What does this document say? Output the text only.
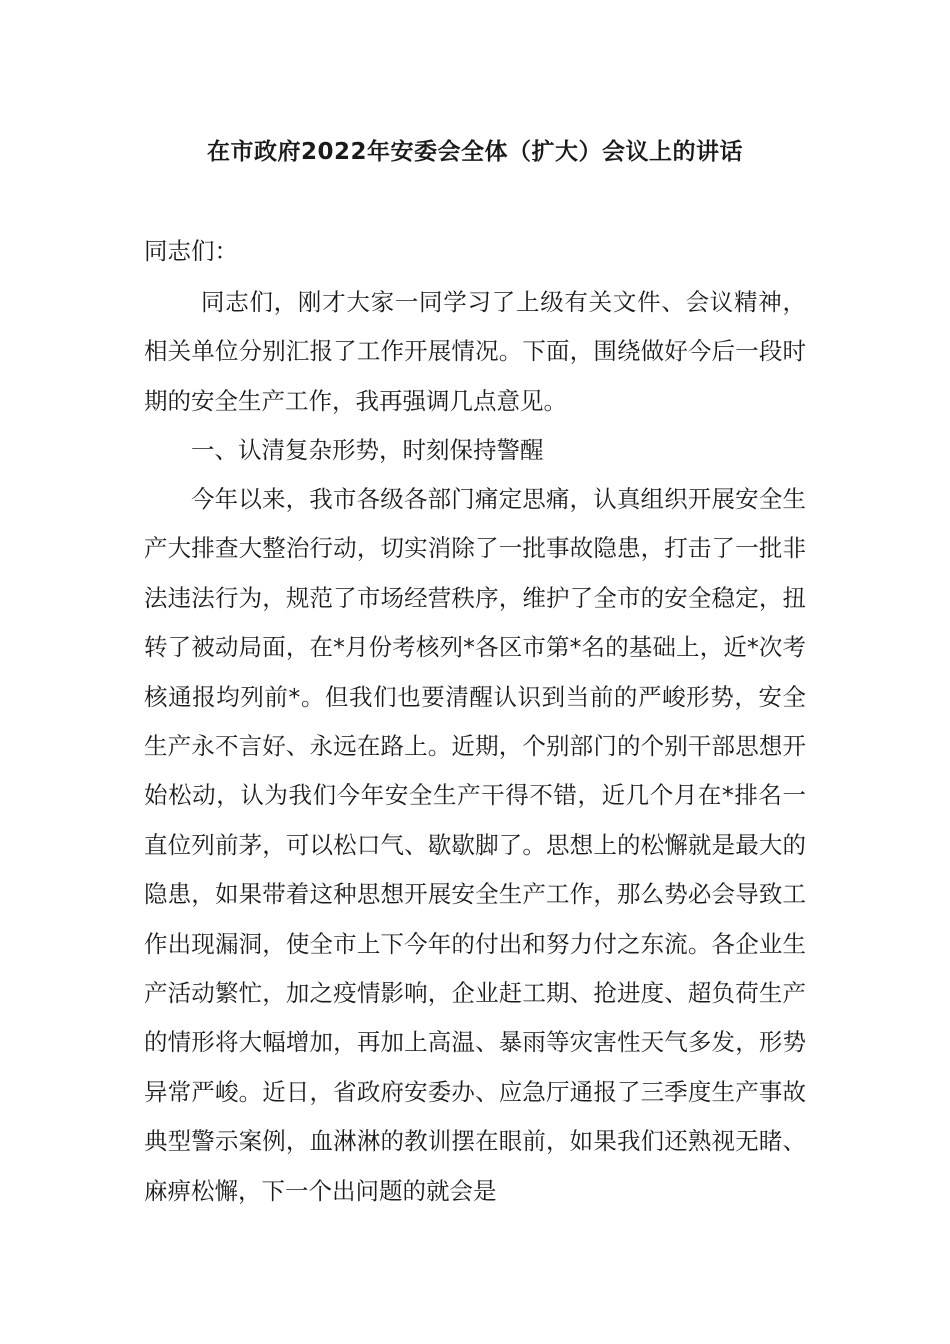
在市政府2022年安委会全体（扩大）会议上的讲话
同志们：
同志们，刚才大家一同学习了上级有关文件、会议精神，相关单位分别汇报了工作开展情况。下面，围绕做好今后一段时期的安全生产工作，我再强调几点意见。
一、认清复杂形势，时刻保持警醒
今年以来，我市各级各部门痛定思痛，认真组织开展安全生产大排查大整治行动，切实消除了一批事故隐患，打击了一批非法违法行为，规范了市场经营秩序，维护了全市的安全稳定，扭转了被动局面，在*月份考核列*各区市第*名的基础上，近*次考核通报均列前*。但我们也要清醒认识到当前的严峻形势，安全生产永不言好、永远在路上。近期，个别部门的个别干部思想开始松动，认为我们今年安全生产干得不错，近几个月在*排名一直位列前茅，可以松口气、歇歇脚了。思想上的松懈就是最大的隐患，如果带着这种思想开展安全生产工作，那么势必会导致工作出现漏洞，使全市上下今年的付出和努力付之东流。各企业生产活动繁忙，加之疫情影响，企业赶工期、抢进度、超负荷生产的情形将大幅增加，再加上高温、暴雨等灾害性天气多发，形势异常严峻。近日，省政府安委办、应急厅通报了三季度生产事故典型警示案例，血淋淋的教训摆在眼前，如果我们还熟视无睹、麻痹松懈，下一个出问题的就会是
